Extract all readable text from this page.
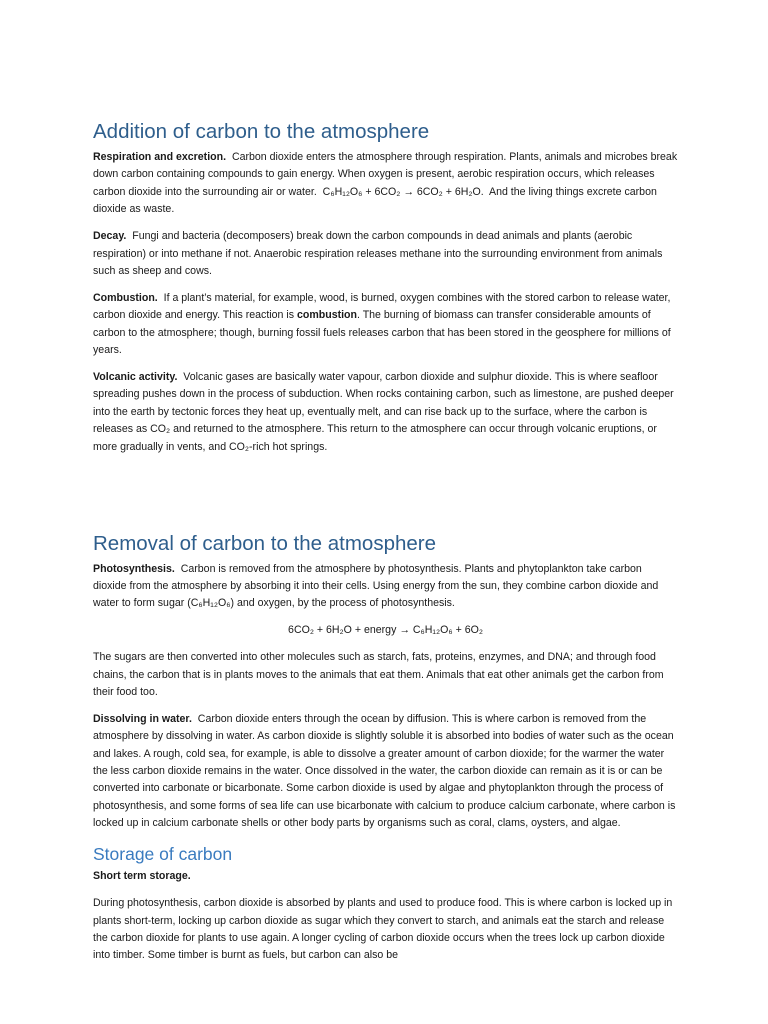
Addition of carbon to the atmosphere

Respiration and excretion. Carbon dioxide enters the atmosphere through respiration. Plants, animals and microbes break down carbon containing compounds to gain energy. When oxygen is present, aerobic respiration occurs, which releases carbon dioxide into the surrounding air or water. C₆H₁₂O₆ + 6CO₂ → 6CO₂ + 6H₂O. And the living things excrete carbon dioxide as waste.

Decay. Fungi and bacteria (decomposers) break down the carbon compounds in dead animals and plants (aerobic respiration) or into methane if not. Anaerobic respiration releases methane into the surrounding environment from animals such as sheep and cows.

Combustion. If a plant’s material, for example, wood, is burned, oxygen combines with the stored carbon to release water, carbon dioxide and energy. This reaction is combustion. The burning of biomass can transfer considerable amounts of carbon to the atmosphere; though, burning fossil fuels releases carbon that has been stored in the geosphere for millions of years.

Volcanic activity. Volcanic gases are basically water vapour, carbon dioxide and sulphur dioxide. This is where seafloor spreading pushes down in the process of subduction. When rocks containing carbon, such as limestone, are pushed deeper into the earth by tectonic forces they heat up, eventually melt, and can rise back up to the surface, where the carbon is releases as CO₂ and returned to the atmosphere. This return to the atmosphere can occur through volcanic eruptions, or more gradually in vents, and CO₂-rich hot springs.

Removal of carbon to the atmosphere

Photosynthesis. Carbon is removed from the atmosphere by photosynthesis. Plants and phytoplankton take carbon dioxide from the atmosphere by absorbing it into their cells. Using energy from the sun, they combine carbon dioxide and water to form sugar (C₆H₁₂O₆) and oxygen, by the process of photosynthesis.

6CO₂ + 6H₂O + energy → C₆H₁₂O₆ + 6O₂

The sugars are then converted into other molecules such as starch, fats, proteins, enzymes, and DNA; and through food chains, the carbon that is in plants moves to the animals that eat them. Animals that eat other animals get the carbon from their food too.

Dissolving in water. Carbon dioxide enters through the ocean by diffusion. This is where carbon is removed from the atmosphere by dissolving in water. As carbon dioxide is slightly soluble it is absorbed into bodies of water such as the ocean and lakes. A rough, cold sea, for example, is able to dissolve a greater amount of carbon dioxide; for the warmer the water the less carbon dioxide remains in the water. Once dissolved in the water, the carbon dioxide can remain as it is or can be converted into carbonate or bicarbonate. Some carbon dioxide is used by algae and phytoplankton through the process of photosynthesis, and some forms of sea life can use bicarbonate with calcium to produce calcium carbonate, where carbon is locked up in calcium carbonate shells or other body parts by organisms such as coral, clams, oysters, and algae.

Storage of carbon

Short term storage.

During photosynthesis, carbon dioxide is absorbed by plants and used to produce food. This is where carbon is locked up in plants short-term, locking up carbon dioxide as sugar which they convert to starch, and animals eat the starch and release the carbon dioxide for plants to use again. A longer cycling of carbon dioxide occurs when the trees lock up carbon dioxide into timber. Some timber is burnt as fuels, but carbon can also be
